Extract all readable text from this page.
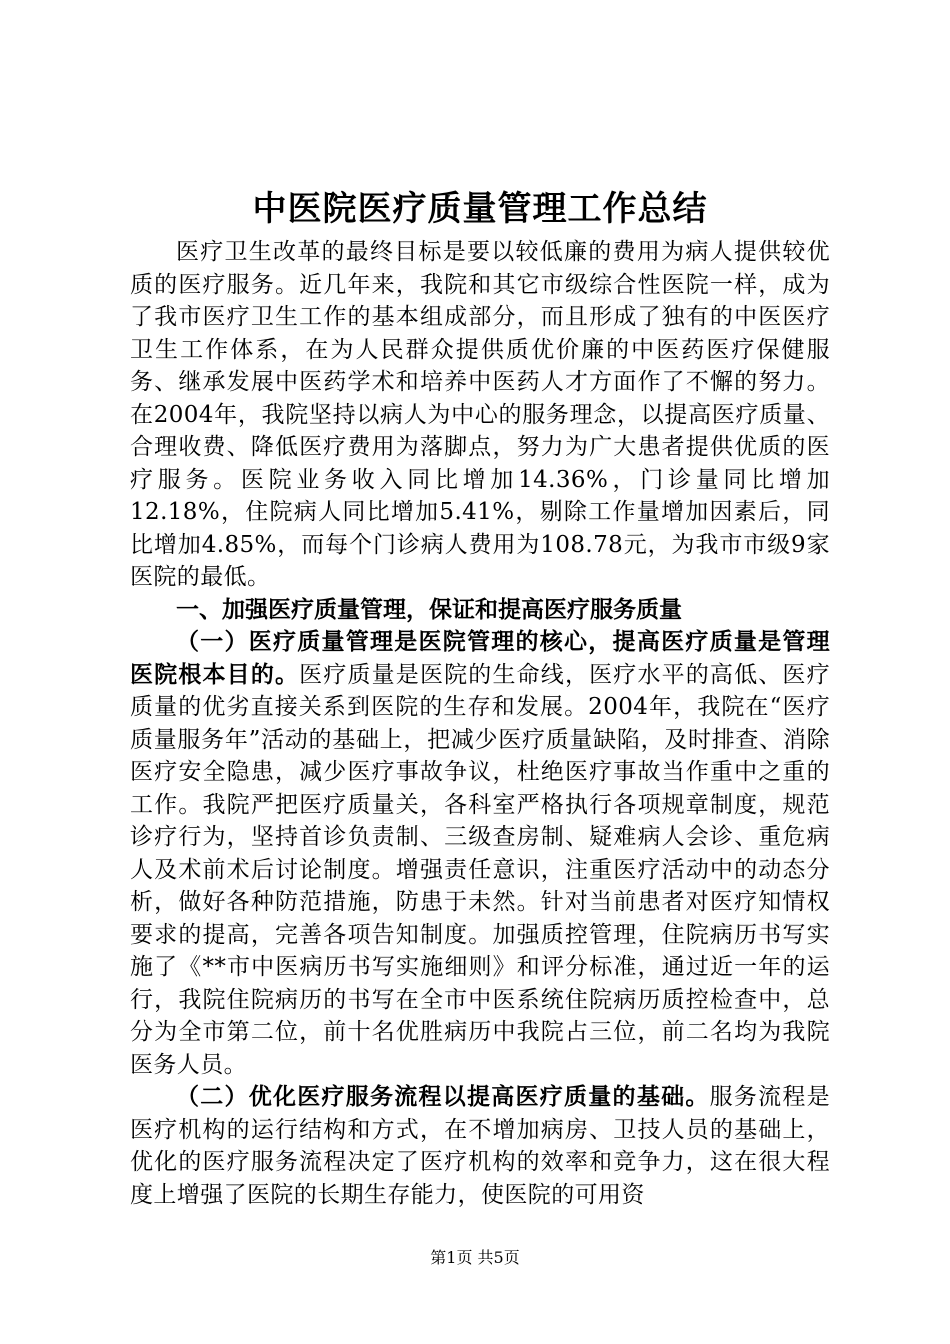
中医院医疗质量管理工作总结

医疗卫生改革的最终目标是要以较低廉的费用为病人提供较优质的医疗服务。近几年来，我院和其它市级综合性医院一样，成为了我市医疗卫生工作的基本组成部分，而且形成了独有的中医医疗卫生工作体系，在为人民群众提供质优价廉的中医药医疗保健服务、继承发展中医药学术和培养中医药人才方面作了不懈的努力。在2004年，我院坚持以病人为中心的服务理念，以提高医疗质量、合理收费、降低医疗费用为落脚点，努力为广大患者提供优质的医疗服务。医院业务收入同比增加14.36%，门诊量同比增加12.18%，住院病人同比增加5.41%，剔除工作量增加因素后，同比增加4.85%，而每个门诊病人费用为108.78元，为我市市级9家医院的最低。

一、加强医疗质量管理，保证和提高医疗服务质量

（一）医疗质量管理是医院管理的核心，提高医疗质量是管理医院根本目的。医疗质量是医院的生命线，医疗水平的高低、医疗质量的优劣直接关系到医院的生存和发展。2004年，我院在“医疗质量服务年”活动的基础上，把减少医疗质量缺陷，及时排查、消除医疗安全隐患，减少医疗事故争议，杜绝医疗事故当作重中之重的工作。我院严把医疗质量关，各科室严格执行各项规章制度，规范诊疗行为，坚持首诊负责制、三级查房制、疑难病人会诊、重危病人及术前术后讨论制度。增强责任意识，注重医疗活动中的动态分析，做好各种防范措施，防患于未然。针对当前患者对医疗知情权要求的提高，完善各项告知制度。加强质控管理，住院病历书写实施了《**市中医病历书写实施细则》和评分标准，通过近一年的运行，我院住院病历的书写在全市中医系统住院病历质控检查中，总分为全市第二位，前十名优胜病历中我院占三位，前二名均为我院医务人员。

（二）优化医疗服务流程以提高医疗质量的基础。服务流程是医疗机构的运行结构和方式，在不增加病房、卫技人员的基础上，优化的医疗服务流程决定了医疗机构的效率和竞争力，这在很大程度上增强了医院的长期生存能力，使医院的可用资

第1页 共5页
